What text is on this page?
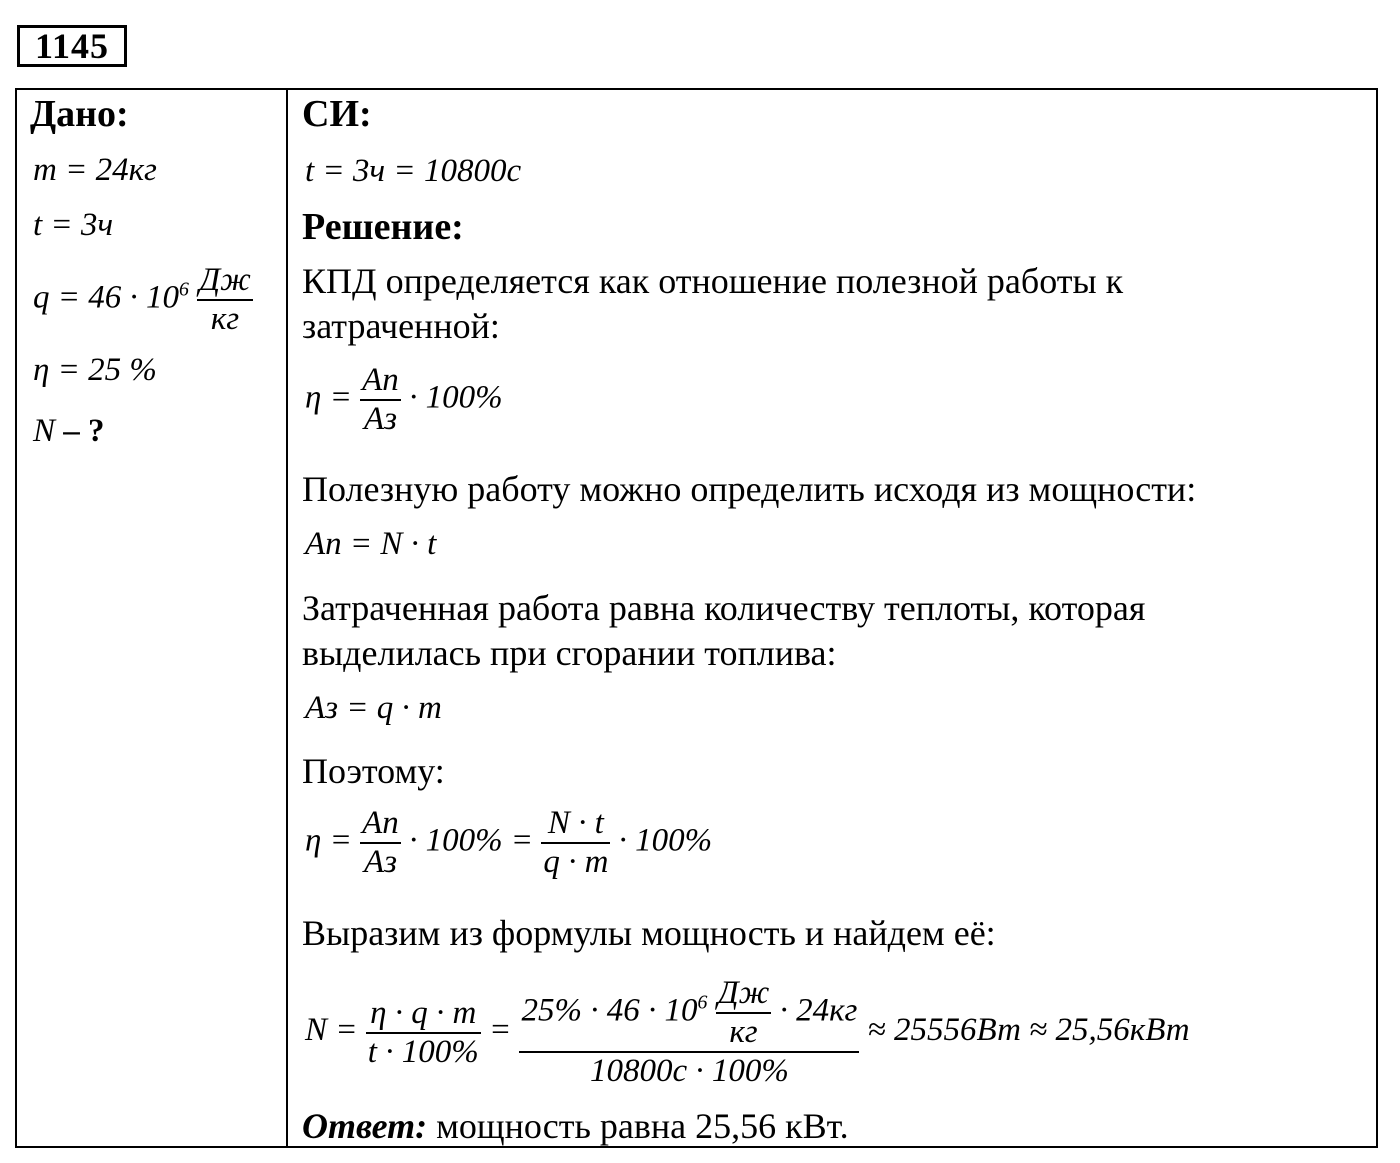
1145
Дано:
m = 24кг
t = 3ч
$q = 46 \cdot 10^6 \frac{Дж}{кг}$
η = 25 %
N – ?
СИ:
t = 3ч = 10800с
Решение:
КПД определяется как отношение полезной работы к
затраченной:
$\eta = \frac{Aп}{Aз} \cdot 100\%$
Полезную работу можно определить исходя из мощности:
Aп = N · t
Затраченная работа равна количеству теплоты, которая
выделилась при сгорании топлива:
Aз = q · m
Поэтому:
$\eta = \frac{Aп}{Aз} \cdot 100\% = \frac{N \cdot t}{q \cdot m} \cdot 100\%$
Выразим из формулы мощность и найдем её:
$N = \frac{\eta \cdot q \cdot m}{t \cdot 100\%}$ =
$25\% \cdot 46 \cdot 10^6 \frac{Дж}{кг} \cdot 24кг$
10800с · 100%
≈ 25556Вт ≈ 25,56кВт
Ответ: мощность равна 25,56 кВт.
